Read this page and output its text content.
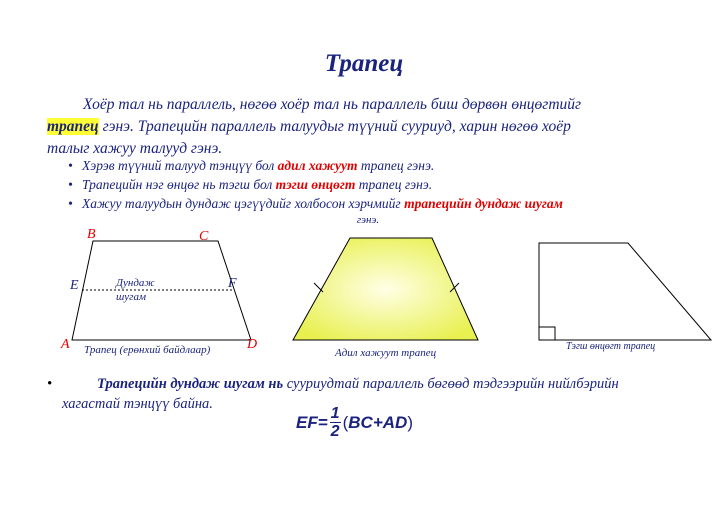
Трапец
Хоёр тал нь параллель, нөгөө хоёр тал нь параллель биш дөрвөн өнцөгтийг
трапец гэнэ. Трапецийн параллель талуудыг түүний сууриуд, харин нөгөө хоёр
талыг хажуу талууд гэнэ.
• Хэрэв түүний талууд тэнцүү бол адил хажуут трапец гэнэ.
• Трапецийн нэг өнцөг нь тэгш бол тэгш өнцөгт трапец гэнэ.
• Хажуу талуудын дундаж цэгүүдийг холбосон хэрчмийг трапецийн дундаж шугам
гэнэ.
B	C
E	F
A	D
Дундаж
шугам
Трапец (ерөнхий байдлаар)	Адил хажуут трапец
Тэгш өнцөгт трапец
•	Трапецийн дундаж шугам нь сууриудтай параллель бөгөөд тэдгээрийн нийлбэрийн
хагастай тэнцүү байна.
$EF= \frac{1}{2} (BC+AD)$
